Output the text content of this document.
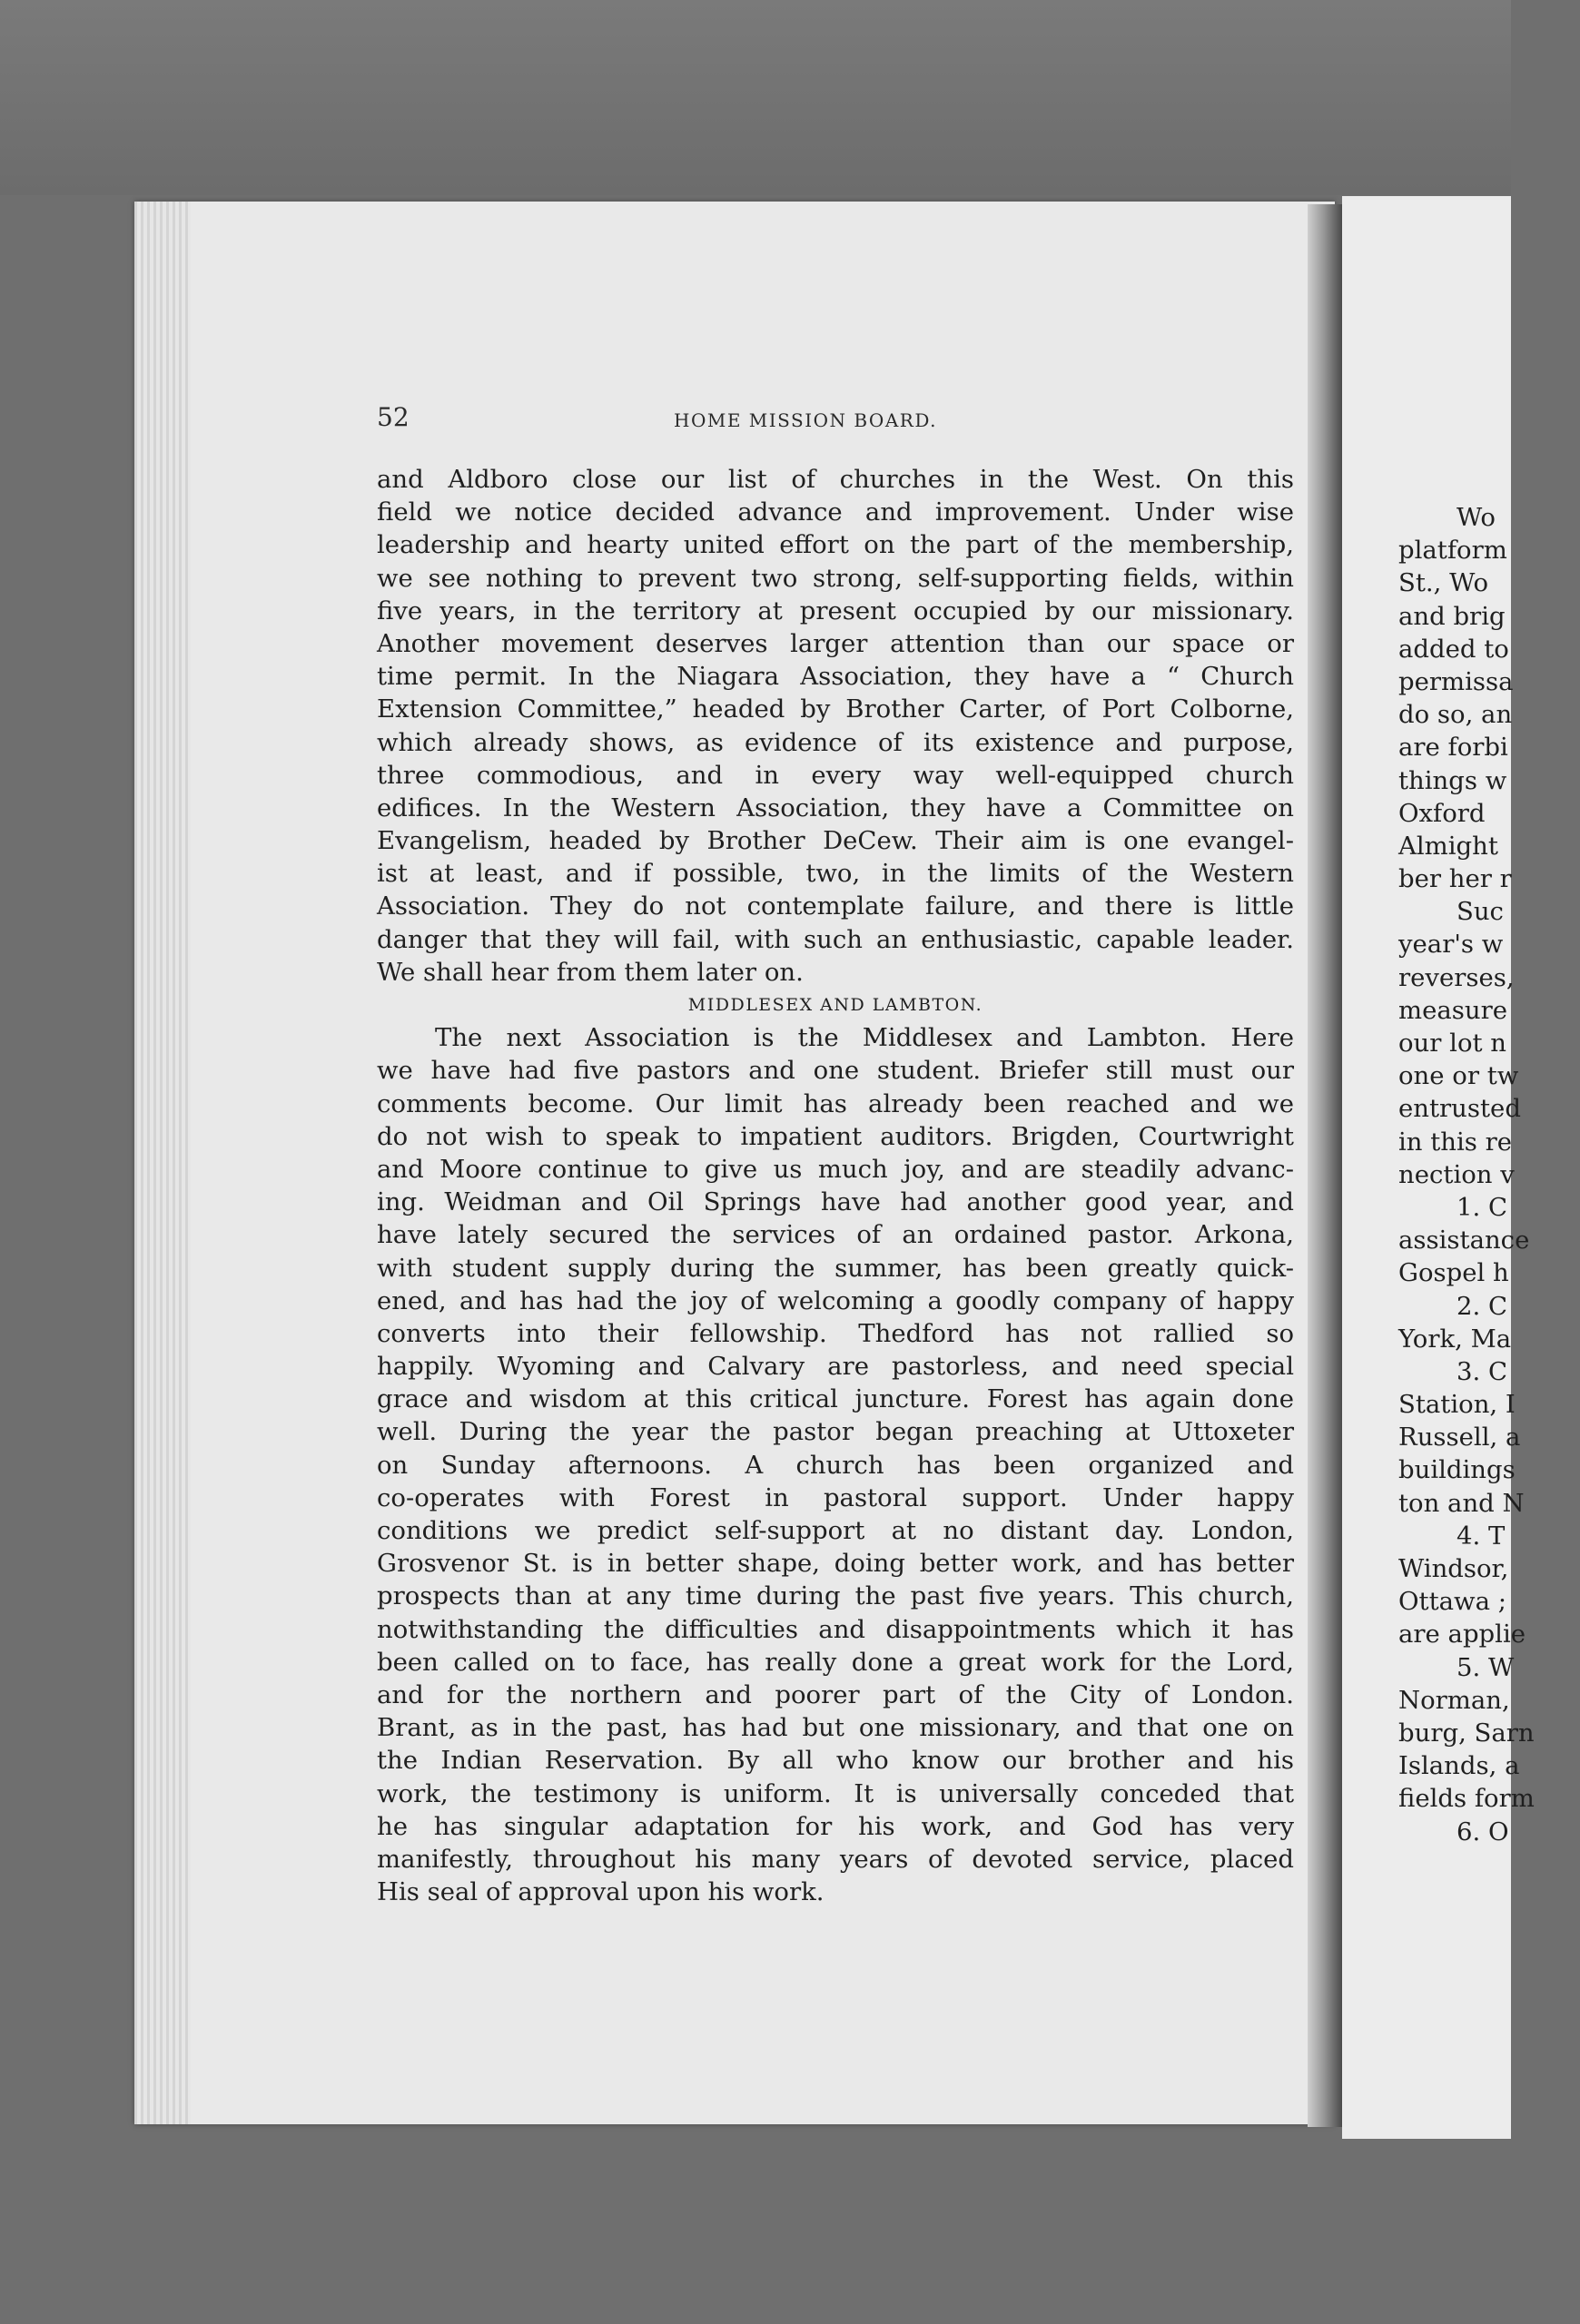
52	HOME MISSION BOARD.
and Aldboro close our list of churches in the West. On this
field we notice decided advance and improvement. Under wise
leadership and hearty united effort on the part of the membership,
we see nothing to prevent two strong, self-supporting fields, within
five years, in the territory at present occupied by our missionary.
Another movement deserves larger attention than our space or
time permit. In the Niagara Association, they have a “ Church
Extension Committee,” headed by Brother Carter, of Port Colborne,
which already shows, as evidence of its existence and purpose,
three commodious, and in every way well-equipped church
edifices. In the Western Association, they have a Committee on
Evangelism, headed by Brother DeCew. Their aim is one evangel-
ist at least, and if possible, two, in the limits of the Western
Association. They do not contemplate failure, and there is little
danger that they will fail, with such an enthusiastic, capable leader.
We shall hear from them later on.
MIDDLESEX AND LAMBTON.
The next Association is the Middlesex and Lambton. Here
we have had five pastors and one student. Briefer still must our
comments become. Our limit has already been reached and we
do not wish to speak to impatient auditors. Brigden, Courtwright
and Moore continue to give us much joy, and are steadily advanc-
ing. Weidman and Oil Springs have had another good year, and
have lately secured the services of an ordained pastor. Arkona,
with student supply during the summer, has been greatly quick-
ened, and has had the joy of welcoming a goodly company of happy
converts into their fellowship. Thedford has not rallied so
happily. Wyoming and Calvary are pastorless, and need special
grace and wisdom at this critical juncture. Forest has again done
well. During the year the pastor began preaching at Uttoxeter
on Sunday afternoons. A church has been organized and
co-operates with Forest in pastoral support. Under happy
conditions we predict self-support at no distant day. London,
Grosvenor St. is in better shape, doing better work, and has better
prospects than at any time during the past five years. This church,
notwithstanding the difficulties and disappointments which it has
been called on to face, has really done a great work for the Lord,
and for the northern and poorer part of the City of London.
Brant, as in the past, has had but one missionary, and that one on
the Indian Reservation. By all who know our brother and his
work, the testimony is uniform. It is universally conceded that
he has singular adaptation for his work, and God has very
manifestly, throughout his many years of devoted service, placed
His seal of approval upon his work.
Wo
platform
St., Wo
and brig
added to
permissa
do so, an
are forbi
things w
Oxford
Almight
ber her r
Suc
year's w
reverses,
measure
our lot n
one or tw
entrusted
in this re
nection v
1. C
assistance
Gospel h
2. C
York, Ma
3. C
Station, I
Russell, a
buildings
ton and N
4. T
Windsor,
Ottawa ;
are applie
5. W
Norman,
burg, Sarn
Islands, a
fields form
6. O
